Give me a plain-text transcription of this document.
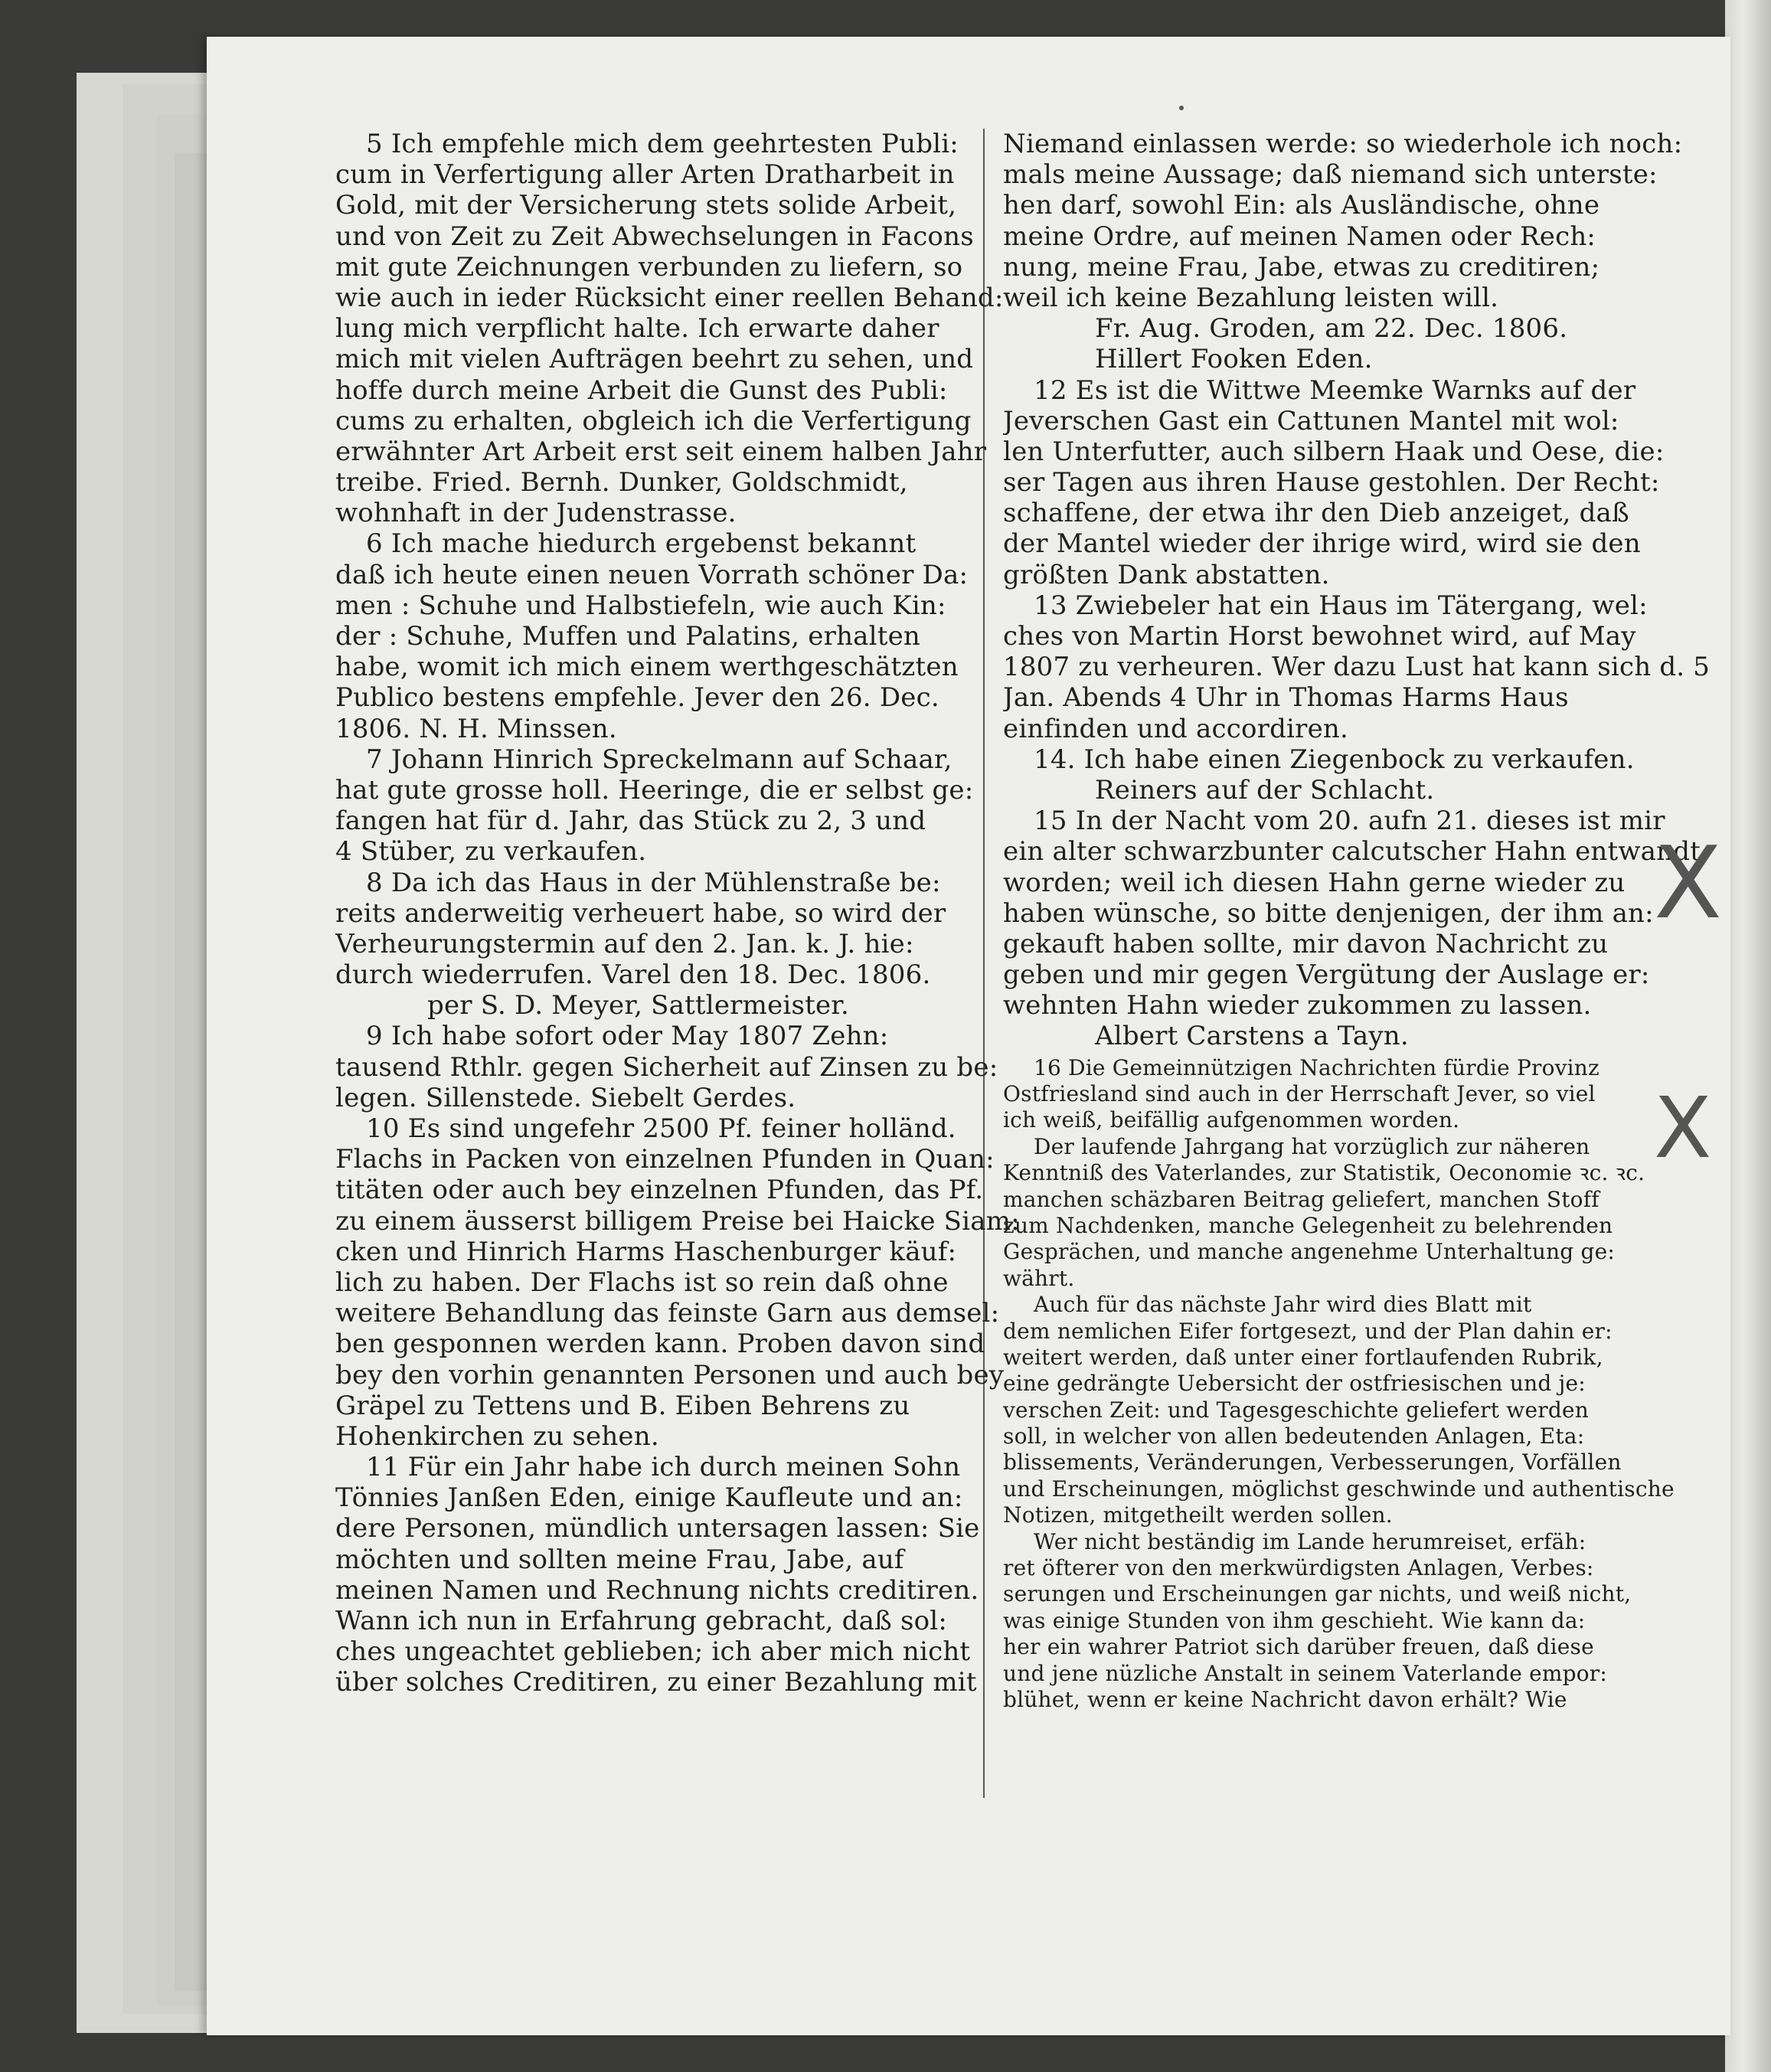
5 Ich empfehle mich dem geehrtesten Publi:
cum in Verfertigung aller Arten Dratharbeit in
Gold, mit der Versicherung stets solide Arbeit,
und von Zeit zu Zeit Abwechselungen in Facons
mit gute Zeichnungen verbunden zu liefern, so
wie auch in ieder Rücksicht einer reellen Behand:
lung mich verpflicht halte. Ich erwarte daher
mich mit vielen Aufträgen beehrt zu sehen, und
hoffe durch meine Arbeit die Gunst des Publi:
cums zu erhalten, obgleich ich die Verfertigung
erwähnter Art Arbeit erst seit einem halben Jahr
treibe. Fried. Bernh. Dunker, Goldschmidt,
wohnhaft in der Judenstrasse.
6 Ich mache hiedurch ergebenst bekannt
daß ich heute einen neuen Vorrath schöner Da:
men : Schuhe und Halbstiefeln, wie auch Kin:
der : Schuhe, Muffen und Palatins, erhalten
habe, womit ich mich einem werthgeschätzten
Publico bestens empfehle. Jever den 26. Dec.
1806. N. H. Minssen.
7 Johann Hinrich Spreckelmann auf Schaar,
hat gute grosse holl. Heeringe, die er selbst ge:
fangen hat für d. Jahr, das Stück zu 2, 3 und
4 Stüber, zu verkaufen.
8 Da ich das Haus in der Mühlenstraße be:
reits anderweitig verheuert habe, so wird der
Verheurungstermin auf den 2. Jan. k. J. hie:
durch wiederrufen. Varel den 18. Dec. 1806.
per S. D. Meyer, Sattlermeister.
9 Ich habe sofort oder May 1807 Zehn:
tausend Rthlr. gegen Sicherheit auf Zinsen zu be:
legen. Sillenstede. Siebelt Gerdes.
10 Es sind ungefehr 2500 Pf. feiner holländ.
Flachs in Packen von einzelnen Pfunden in Quan:
titäten oder auch bey einzelnen Pfunden, das Pf.
zu einem äusserst billigem Preise bei Haicke Siam:
cken und Hinrich Harms Haschenburger käuf:
lich zu haben. Der Flachs ist so rein daß ohne
weitere Behandlung das feinste Garn aus demsel:
ben gesponnen werden kann. Proben davon sind
bey den vorhin genannten Personen und auch bey
Gräpel zu Tettens und B. Eiben Behrens zu
Hohenkirchen zu sehen.
11 Für ein Jahr habe ich durch meinen Sohn
Tönnies Janßen Eden, einige Kaufleute und an:
dere Personen, mündlich untersagen lassen: Sie
möchten und sollten meine Frau, Jabe, auf
meinen Namen und Rechnung nichts creditiren.
Wann ich nun in Erfahrung gebracht, daß sol:
ches ungeachtet geblieben; ich aber mich nicht
über solches Creditiren, zu einer Bezahlung mit
Niemand einlassen werde: so wiederhole ich noch:
mals meine Aussage; daß niemand sich unterste:
hen darf, sowohl Ein: als Ausländische, ohne
meine Ordre, auf meinen Namen oder Rech:
nung, meine Frau, Jabe, etwas zu creditiren;
weil ich keine Bezahlung leisten will.
Fr. Aug. Groden, am 22. Dec. 1806.
Hillert Fooken Eden.
12 Es ist die Wittwe Meemke Warnks auf der
Jeverschen Gast ein Cattunen Mantel mit wol:
len Unterfutter, auch silbern Haak und Oese, die:
ser Tagen aus ihren Hause gestohlen. Der Recht:
schaffene, der etwa ihr den Dieb anzeiget, daß
der Mantel wieder der ihrige wird, wird sie den
größten Dank abstatten.
13 Zwiebeler hat ein Haus im Tätergang, wel:
ches von Martin Horst bewohnet wird, auf May
1807 zu verheuren. Wer dazu Lust hat kann sich d. 5
Jan. Abends 4 Uhr in Thomas Harms Haus
einfinden und accordiren.
14. Ich habe einen Ziegenbock zu verkaufen.
Reiners auf der Schlacht.
15 In der Nacht vom 20. aufn 21. dieses ist mir
ein alter schwarzbunter calcutscher Hahn entwandt
worden; weil ich diesen Hahn gerne wieder zu
haben wünsche, so bitte denjenigen, der ihm an:
gekauft haben sollte, mir davon Nachricht zu
geben und mir gegen Vergütung der Auslage er:
wehnten Hahn wieder zukommen zu lassen.
Albert Carstens a Tayn.
16 Die Gemeinnützigen Nachrichten fürdie Provinz
Ostfriesland sind auch in der Herrschaft Jever, so viel
ich weiß, beifällig aufgenommen worden.
Der laufende Jahrgang hat vorzüglich zur näheren
Kenntniß des Vaterlandes, zur Statistik, Oeconomie ꝛc. ꝛc.
manchen schäzbaren Beitrag geliefert, manchen Stoff
zum Nachdenken, manche Gelegenheit zu belehrenden
Gesprächen, und manche angenehme Unterhaltung ge:
währt.
Auch für das nächste Jahr wird dies Blatt mit
dem nemlichen Eifer fortgesezt, und der Plan dahin er:
weitert werden, daß unter einer fortlaufenden Rubrik,
eine gedrängte Uebersicht der ostfriesischen und je:
verschen Zeit: und Tagesgeschichte geliefert werden
soll, in welcher von allen bedeutenden Anlagen, Eta:
blissements, Veränderungen, Verbesserungen, Vorfällen
und Erscheinungen, möglichst geschwinde und authentische
Notizen, mitgetheilt werden sollen.
Wer nicht beständig im Lande herumreiset, erfäh:
ret öfterer von den merkwürdigsten Anlagen, Verbes:
serungen und Erscheinungen gar nichts, und weiß nicht,
was einige Stunden von ihm geschieht. Wie kann da:
her ein wahrer Patriot sich darüber freuen, daß diese
und jene nüzliche Anstalt in seinem Vaterlande empor:
blühet, wenn er keine Nachricht davon erhält? Wie
X
X
